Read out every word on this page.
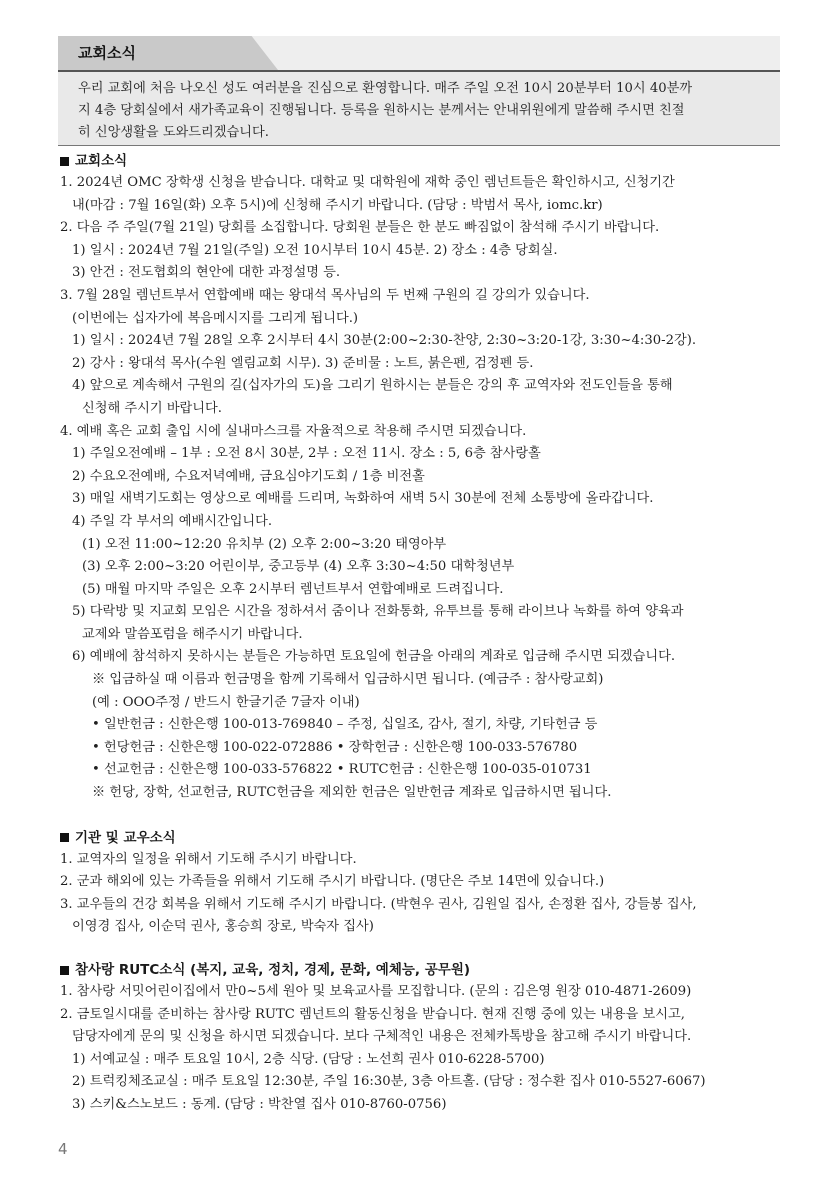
교회소식
우리 교회에 처음 나오신 성도 여러분을 진심으로 환영합니다. 매주 주일 오전 10시 20분부터 10시 40분까
지 4층 당회실에서 새가족교육이 진행됩니다. 등록을 원하시는 분께서는 안내위원에게 말씀해 주시면 친절
히 신앙생활을 도와드리겠습니다.
교회소식
1. 2024년 OMC 장학생 신청을 받습니다. 대학교 및 대학원에 재학 중인 렘넌트들은 확인하시고, 신청기간
내(마감 : 7월 16일(화) 오후 5시)에 신청해 주시기 바랍니다. (담당 : 박범서 목사, iomc.kr)
2. 다음 주 주일(7월 21일) 당회를 소집합니다. 당회원 분들은 한 분도 빠짐없이 참석해 주시기 바랍니다.
1) 일시 : 2024년 7월 21일(주일) 오전 10시부터 10시 45분. 2) 장소 : 4층 당회실.
3) 안건 : 전도협회의 현안에 대한 과정설명 등.
3. 7월 28일 렘넌트부서 연합예배 때는 왕대석 목사님의 두 번째 구원의 길 강의가 있습니다.
(이번에는 십자가에 복음메시지를 그리게 됩니다.)
1) 일시 : 2024년 7월 28일 오후 2시부터 4시 30분(2:00~2:30-찬양, 2:30~3:20-1강, 3:30~4:30-2강).
2) 강사 : 왕대석 목사(수원 엘림교회 시무). 3) 준비물 : 노트, 붉은펜, 검정펜 등.
4) 앞으로 계속해서 구원의 길(십자가의 도)을 그리기 원하시는 분들은 강의 후 교역자와 전도인들을 통해
신청해 주시기 바랍니다.
4. 예배 혹은 교회 출입 시에 실내마스크를 자율적으로 착용해 주시면 되겠습니다.
1) 주일오전예배 – 1부 : 오전 8시 30분, 2부 : 오전 11시. 장소 : 5, 6층 참사랑홀
2) 수요오전예배, 수요저녁예배, 금요심야기도회 / 1층 비전홀
3) 매일 새벽기도회는 영상으로 예배를 드리며, 녹화하여 새벽 5시 30분에 전체 소통방에 올라갑니다.
4) 주일 각 부서의 예배시간입니다.
(1) 오전 11:00~12:20 유치부 (2) 오후 2:00~3:20 태영아부
(3) 오후 2:00~3:20 어린이부, 중고등부 (4) 오후 3:30~4:50 대학청년부
(5) 매월 마지막 주일은 오후 2시부터 렘넌트부서 연합예배로 드려집니다.
5) 다락방 및 지교회 모임은 시간을 정하셔서 줌이나 전화통화, 유투브를 통해 라이브나 녹화를 하여 양육과
교제와 말씀포럼을 해주시기 바랍니다.
6) 예배에 참석하지 못하시는 분들은 가능하면 토요일에 헌금을 아래의 계좌로 입금해 주시면 되겠습니다.
※ 입금하실 때 이름과 헌금명을 함께 기록해서 입금하시면 됩니다. (예금주 : 참사랑교회)
(예 : OOO주정 / 반드시 한글기준 7글자 이내)
• 일반헌금 : 신한은행 100-013-769840 – 주정, 십일조, 감사, 절기, 차량, 기타헌금 등
• 헌당헌금 : 신한은행 100-022-072886 • 장학헌금 : 신한은행 100-033-576780
• 선교헌금 : 신한은행 100-033-576822 • RUTC헌금 : 신한은행 100-035-010731
※ 헌당, 장학, 선교헌금, RUTC헌금을 제외한 헌금은 일반헌금 계좌로 입금하시면 됩니다.
기관 및 교우소식
1. 교역자의 일정을 위해서 기도해 주시기 바랍니다.
2. 군과 해외에 있는 가족들을 위해서 기도해 주시기 바랍니다. (명단은 주보 14면에 있습니다.)
3. 교우들의 건강 회복을 위해서 기도해 주시기 바랍니다. (박현우 권사, 김원일 집사, 손정환 집사, 강들봉 집사,
이영경 집사, 이순덕 권사, 홍승희 장로, 박숙자 집사)
참사랑 RUTC소식 (복지, 교육, 정치, 경제, 문화, 예체능, 공무원)
1. 참사랑 서밋어린이집에서 만0~5세 원아 및 보육교사를 모집합니다. (문의 : 김은영 원장 010-4871-2609)
2. 금토일시대를 준비하는 참사랑 RUTC 렘넌트의 활동신청을 받습니다. 현재 진행 중에 있는 내용을 보시고,
담당자에게 문의 및 신청을 하시면 되겠습니다. 보다 구체적인 내용은 전체카톡방을 참고해 주시기 바랍니다.
1) 서예교실 : 매주 토요일 10시, 2층 식당. (담당 : 노선희 권사 010-6228-5700)
2) 트럭킹체조교실 : 매주 토요일 12:30분, 주일 16:30분, 3층 아트홀. (담당 : 정수환 집사 010-5527-6067)
3) 스키&스노보드 : 동계. (담당 : 박찬열 집사 010-8760-0756)
4
